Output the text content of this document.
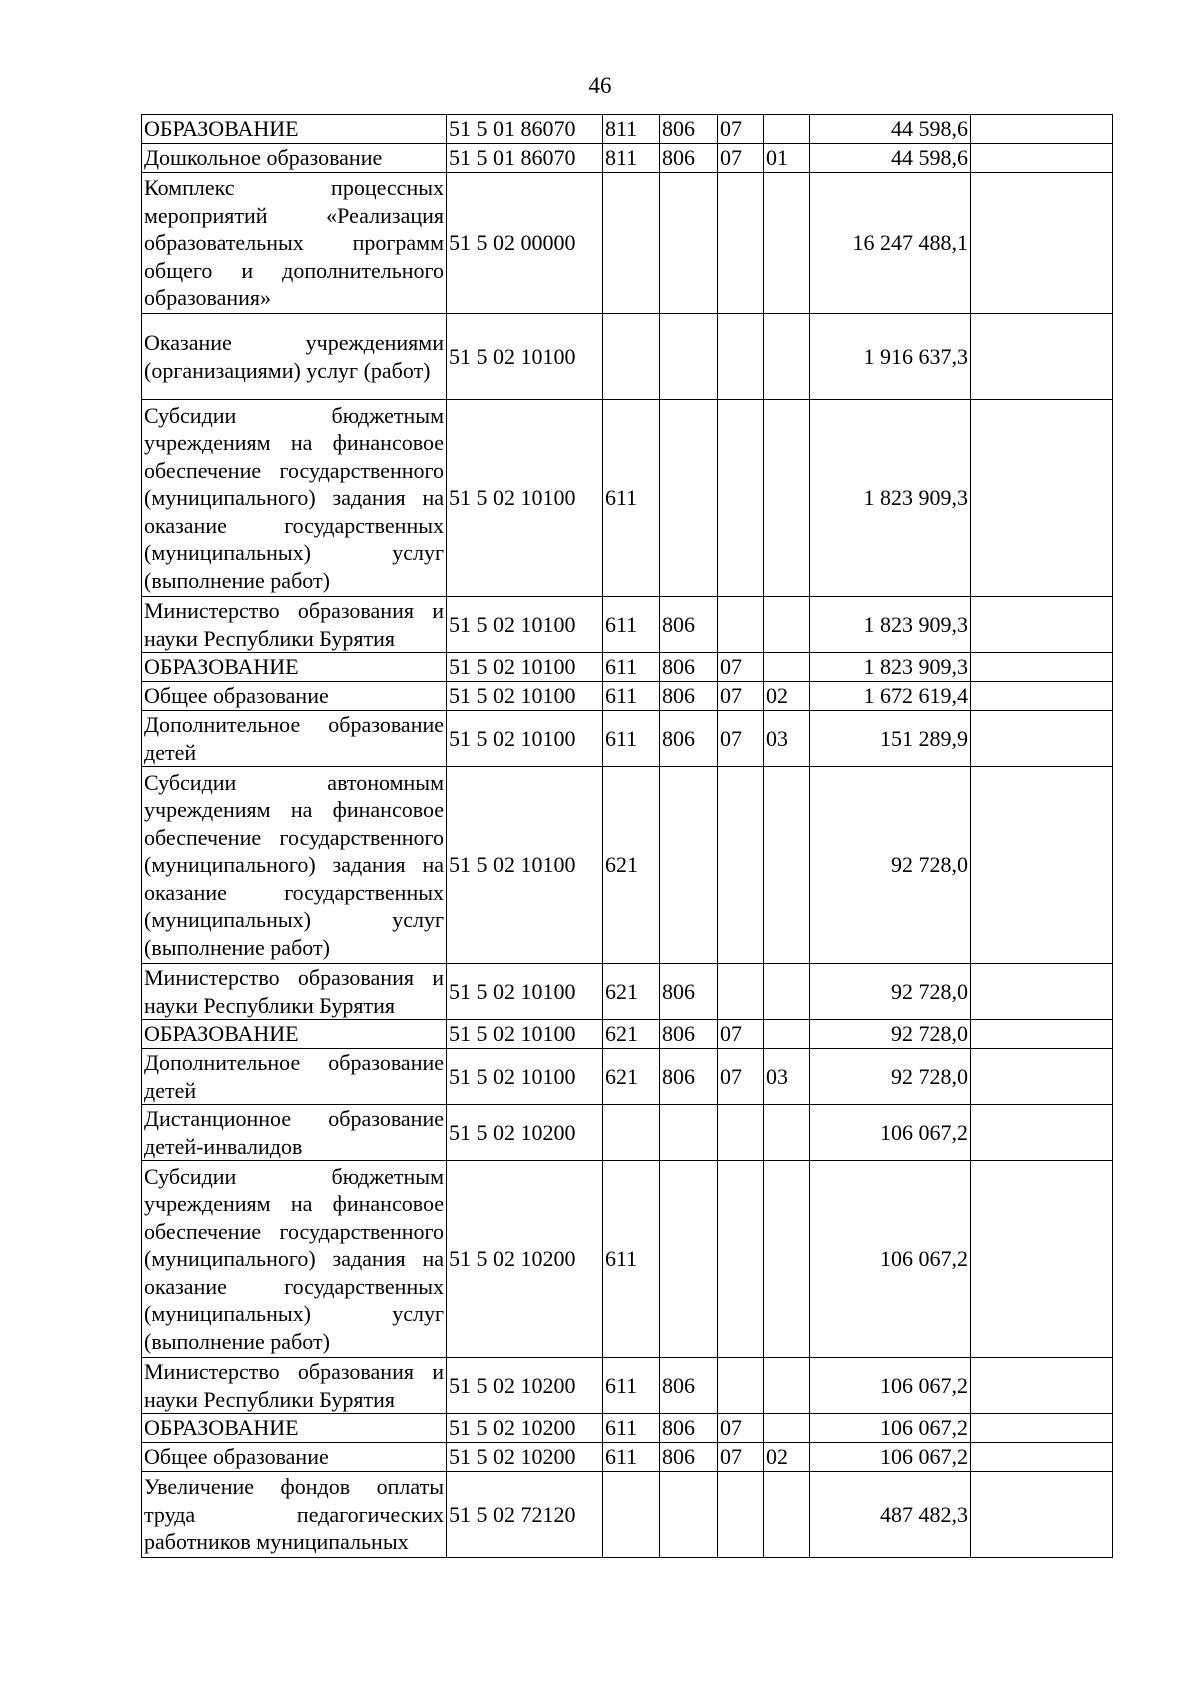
46
ОБРАЗОВАНИЕ	51 5 01 86070	811	806	07		44 598,6	
Дошкольное образование	51 5 01 86070	811	806	07	01	44 598,6	
Комплекс процессных мероприятий «Реализация образовательных программ общего и дополнительного образования»	51 5 02 00000					16 247 488,1	
Оказание учреждениями (организациями) услуг (работ)	51 5 02 10100					1 916 637,3	
Субсидии бюджетным учреждениям на финансовое обеспечение государственного (муниципального) задания на оказание государственных (муниципальных) услуг (выполнение работ)	51 5 02 10100	611				1 823 909,3	
Министерство образования и науки Республики Бурятия	51 5 02 10100	611	806			1 823 909,3	
ОБРАЗОВАНИЕ	51 5 02 10100	611	806	07		1 823 909,3	
Общее образование	51 5 02 10100	611	806	07	02	1 672 619,4	
Дополнительное образование детей	51 5 02 10100	611	806	07	03	151 289,9	
Субсидии автономным учреждениям на финансовое обеспечение государственного (муниципального) задания на оказание государственных (муниципальных) услуг (выполнение работ)	51 5 02 10100	621				92 728,0	
Министерство образования и науки Республики Бурятия	51 5 02 10100	621	806			92 728,0	
ОБРАЗОВАНИЕ	51 5 02 10100	621	806	07		92 728,0	
Дополнительное образование детей	51 5 02 10100	621	806	07	03	92 728,0	
Дистанционное образование детей-инвалидов	51 5 02 10200					106 067,2	
Субсидии бюджетным учреждениям на финансовое обеспечение государственного (муниципального) задания на оказание государственных (муниципальных) услуг (выполнение работ)	51 5 02 10200	611				106 067,2	
Министерство образования и науки Республики Бурятия	51 5 02 10200	611	806			106 067,2	
ОБРАЗОВАНИЕ	51 5 02 10200	611	806	07		106 067,2	
Общее образование	51 5 02 10200	611	806	07	02	106 067,2	
Увеличение фондов оплаты труда педагогических работников муниципальных	51 5 02 72120					487 482,3	
